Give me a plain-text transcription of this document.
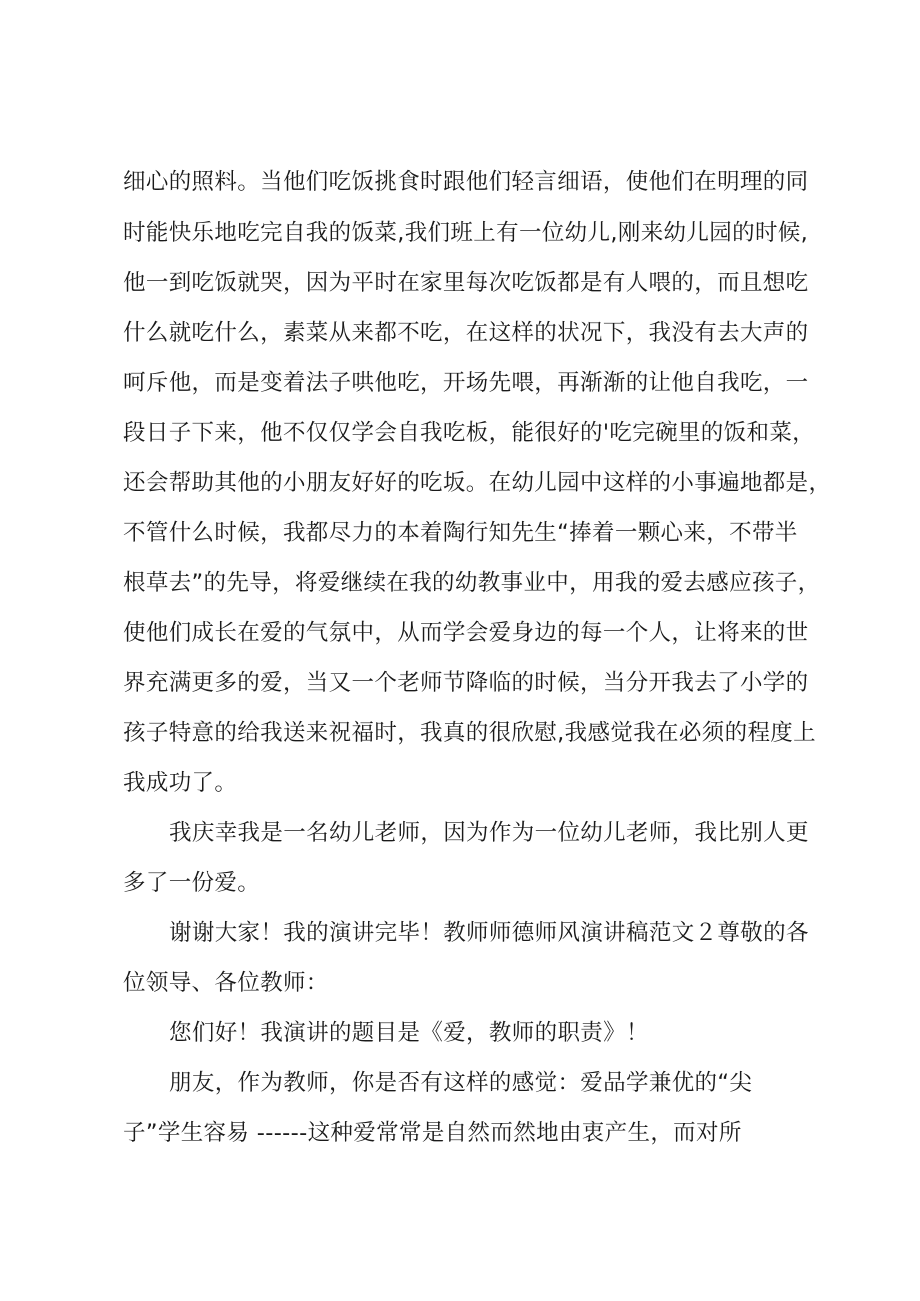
细心的照料。当他们吃饭挑食时跟他们轻言细语，使他们在明理的同
时能快乐地吃完自我的饭菜,我们班上有一位幼儿,刚来幼儿园的时候,
他一到吃饭就哭，因为平时在家里每次吃饭都是有人喂的，而且想吃
什么就吃什么，素菜从来都不吃，在这样的状况下，我没有去大声的
呵斥他，而是变着法子哄他吃，开场先喂，再渐渐的让他自我吃，一
段日子下来，他不仅仅学会自我吃板，能很好的'吃完碗里的饭和菜，
还会帮助其他的小朋友好好的吃坂。在幼儿园中这样的小事遍地都是，
不管什么时候，我都尽力的本着陶行知先生“捧着一颗心来，不带半
根草去”的先导，将爱继续在我的幼教事业中，用我的爱去感应孩子，
使他们成长在爱的气氛中，从而学会爱身边的每一个人，让将来的世
界充满更多的爱，当又一个老师节降临的时候，当分开我去了小学的
孩子特意的给我送来祝福时，我真的很欣慰,我感觉我在必须的程度上
我成功了。
我庆幸我是一名幼儿老师，因为作为一位幼儿老师，我比别人更
多了一份爱。
谢谢大家！我的演讲完毕！教师师德师风演讲稿范文２尊敬的各
位领导、各位教师：
您们好！我演讲的题目是《爱，教师的职责》！
朋友，作为教师，你是否有这样的感觉：爱品学兼优的“尖
子”学生容易 ------这种爱常常是自然而然地由衷产生，而对所
